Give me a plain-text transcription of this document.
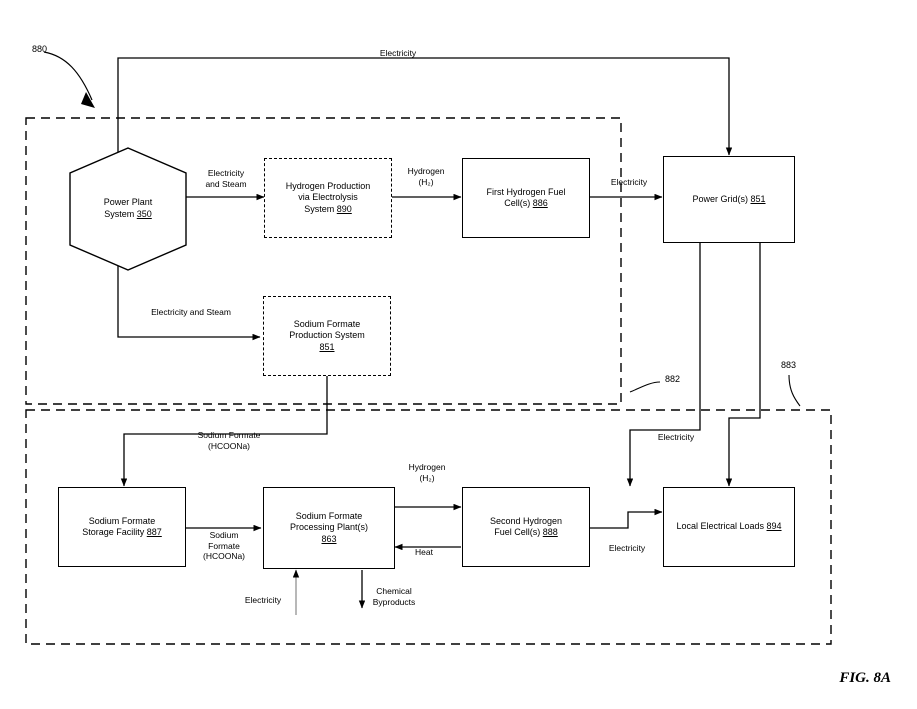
880
882
883
Power Plant
System 350
Hydrogen Production
via Electrolysis
System 890
First Hydrogen Fuel
Cell(s) 886	Power Grid(s) 851
Sodium Formate
Production System
851
Sodium Formate
Storage Facility 887
Sodium Formate
Processing Plant(s)
863
Second Hydrogen
Fuel Cell(s) 888
Local Electrical Loads 894
Electricity
Electricity
and Steam
Hydrogen
(H₂)	Electricity
Electricity and Steam
Sodium Formate
(HCOONa)
Sodium
Formate
(HCOONa)
Hydrogen
(H₂)
Heat
Electricity
Electricity
Electricity
Chemical
Byproducts
FIG. 8A
